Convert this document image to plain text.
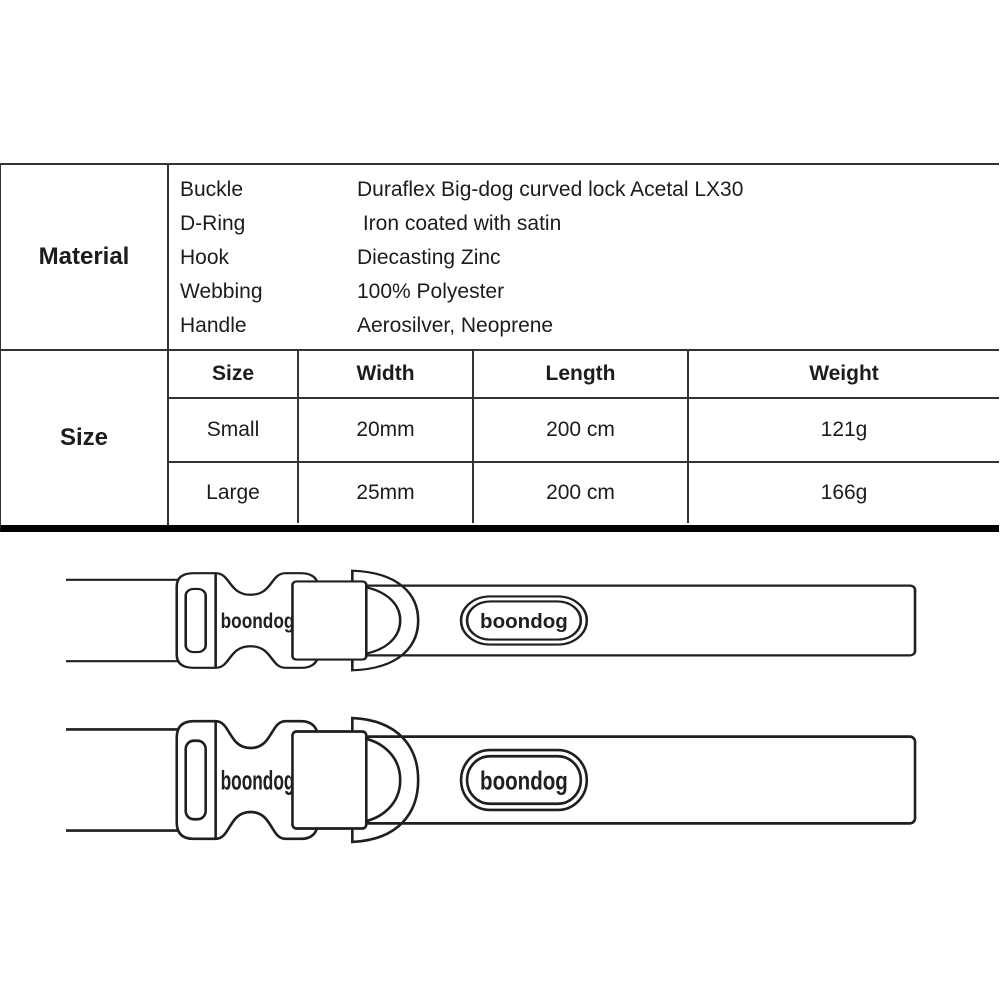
Material
Buckle	Duraflex Big-dog curved lock Acetal LX30
D-Ring	Iron coated with satin
Hook	Diecasting Zinc
Webbing	100% Polyester
Handle	Aerosilver, Neoprene
Size
Size	Width	Length	Weight
Small	20mm	200 cm	121g
Large	25mm	200 cm	166g
boondog	boondog
boondog	boondog
